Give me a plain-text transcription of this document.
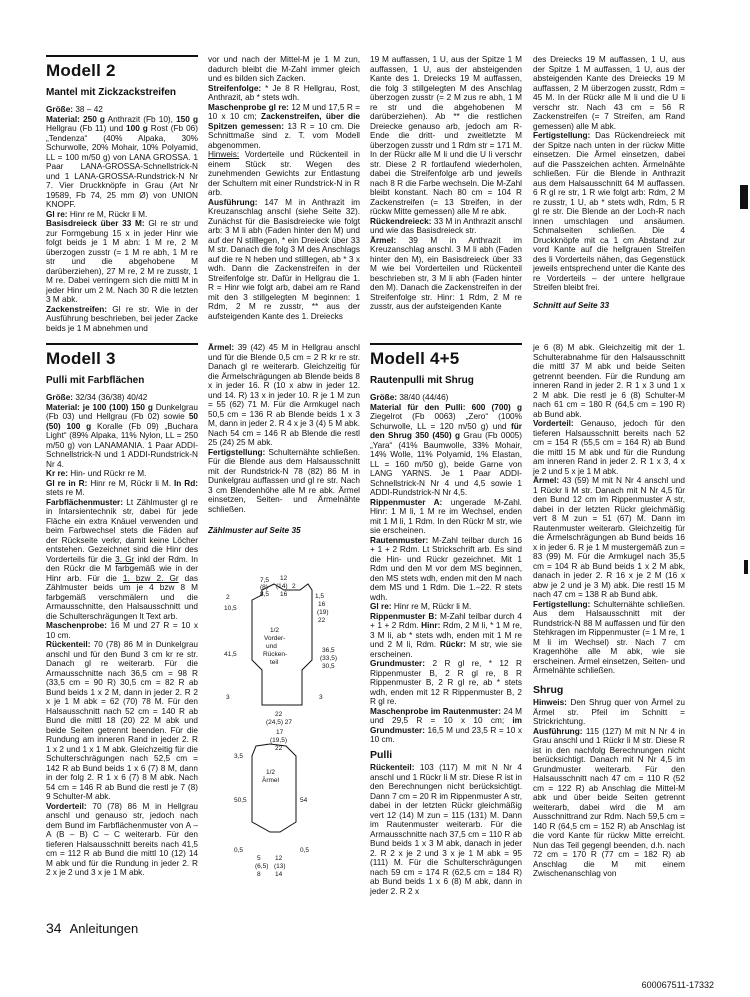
Modell 2
Mantel mit Zickzackstreifen

Größe: 38 – 42

Material: 250 g Anthrazit (Fb 10), 150 g Hellgrau (Fb 11) und 100 g Rost (Fb 06) „Tendenza“ (40% Alpaka, 30% Schurwolle, 20% Mohair, 10% Polyamid, LL = 100 m/50 g) von LANA GROSSA. 1 Paar LANA-GROSSA-Schnellstrick-N und 1 LANA-GROSSA-Rundstrick-N Nr 7. Vier Druckknöpfe in Grau (Art Nr 19589, Fb 74, 25 mm Ø) von UNION KNOPF.

Gl re: Hinr re M, Rückr li M.

Basisdreieck über 33 M: Gl re str und zur Formgebung 15 x in jeder Hinr wie folgt beids je 1 M abn: 1 M re, 2 M überzogen zusstr (= 1 M re abh, 1 M re str und die abgehobene M darüberziehen), 27 M re, 2 M re zusstr, 1 M re. Dabei verringern sich die mittl M in jeder Hinr um 2 M. Nach 30 R die letzten 3 M abk.

Zackenstreifen: Gl re str. Wie in der Ausführung beschrieben, bei jeder Zacke beids je 1 M abnehmen und

Modell 3
Pulli mit Farbflächen

Größe: 32/34 (36/38) 40/42

Material: je 100 (100) 150 g Dunkelgrau (Fb 03) und Hellgrau (Fb 02) sowie 50 (50) 100 g Koralle (Fb 09) „Buchara Light“ (89% Alpaka, 11% Nylon, LL = 250 m/50 g) von LANAMANIA. 1 Paar ADDI-Schnellstrick-N und 1 ADDI-Rundstrick-N Nr 4.

Kr re: Hin- und Rückr re M.

Gl re in R: Hinr re M, Rückr li M. In Rd: stets re M.

Farbflächenmuster: Lt Zählmuster gl re in Intarsientechnik str, dabei für jede Fläche ein extra Knäuel verwenden und beim Farbwechsel stets die Fäden auf der Rückseite verkr, damit keine Löcher entstehen. Gezeichnet sind die Hinr des Vorderteils für die 3. Gr inkl der Rdm. In den Rückr die M farbgemäß wie in der Hinr arb. Für die 1. bzw 2. Gr das Zählmuster beids um je 4 bzw 8 M farbgemäß verschmälern und die Armausschnitte, den Halsausschnitt und die Schulterschrägungen lt Text arb.

Maschenprobe: 16 M und 27 R = 10 x 10 cm.

Rückenteil: 70 (78) 86 M in Dunkelgrau anschl und für den Bund 3 cm kr re str. Danach gl re weiterarb. Für die Armausschnitte nach 36,5 cm = 98 R (33,5 cm = 90 R) 30,5 cm = 82 R ab Bund beids 1 x 2 M, dann in jeder 2. R 2 x je 1 M abk = 62 (70) 78 M. Für den Halsausschnitt nach 52 cm = 140 R ab Bund die mittl 18 (20) 22 M abk und beide Seiten getrennt beenden. Für die Rundung am inneren Rand in jeder 2. R 1 x 2 und 1 x 1 M abk. Gleichzeitig für die Schulterschrägungen nach 52,5 cm = 142 R ab Bund beids 1 x 6 (7) 8 M, dann in der folg 2. R 1 x 6 (7) 8 M abk. Nach 54 cm = 146 R ab Bund die restl je 7 (8) 9 Schulter-M abk.

Vorderteil: 70 (78) 86 M in Hellgrau anschl und genauso str, jedoch nach dem Bund im Farbflächenmuster von A – A (B – B) C – C weiterarb. Für den tieferen Halsausschnitt bereits nach 41,5 cm = 112 R ab Bund die mittl 10 (12) 14 M abk und für die Rundung in jeder 2. R 2 x je 2 und 3 x je 1 M abk.

vor und nach der Mittel-M je 1 M zun, dadurch bleibt die M-Zahl immer gleich und es bilden sich Zacken.

Streifenfolge: * Je 8 R Hellgrau, Rost, Anthrazit, ab * stets wdh.

Maschenprobe gl re: 12 M und 17,5 R = 10 x 10 cm; Zackenstreifen, über die Spitzen gemessen: 13 R = 10 cm. Die Schnittmaße sind z. T. vom Modell abgenommen.

Hinweis: Vorderteile und Rückenteil in einem Stück str. Wegen des zunehmenden Gewichts zur Entlastung der Schultern mit einer Rundstrick-N in R arb.

Ausführung: 147 M in Anthrazit im Kreuzanschlag anschl (siehe Seite 32). Zunächst für die Basisdreiecke wie folgt arb: 3 M li abh (Faden hinter den M) und auf der N stilllegen, * ein Dreieck über 33 M str. Danach die folg 3 M des Anschlags auf die re N heben und stilllegen, ab * 3 x wdh. Dann die Zackenstreifen in der Streifenfolge str. Dafür in Hellgrau die 1. R = Hinr wie folgt arb, dabei am re Rand mit den 3 stillgelegten M beginnen: 1 Rdm, 2 M re zusstr, ** aus der aufsteigenden Kante des 1. Dreiecks

Ärmel: 39 (42) 45 M in Hellgrau anschl und für die Blende 0,5 cm = 2 R kr re str. Danach gl re weiterarb. Gleichzeitig für die Ärmelschrägungen ab Blende beids 8 x in jeder 16. R (10 x abw in jeder 12. und 14. R) 13 x in jeder 10. R je 1 M zun = 55 (62) 71 M. Für die Armkugel nach 50,5 cm = 136 R ab Blende beids 1 x 3 M, dann in jeder 2. R 4 x je 3 (4) 5 M abk. Nach 54 cm = 146 R ab Blende die restl 25 (24) 25 M abk.

Fertigstellung: Schulternähte schließen. Für die Blende aus dem Halsausschnitt mit der Rundstrick-N 78 (82) 86 M in Dunkelgrau auffassen und gl re str. Nach 3 cm Blendenhöhe alle M re abk. Ärmel einsetzen, Seiten- und Ärmelnähte schließen.

Zählmuster auf Seite 35
1/2
Vorder-
und
Rücken-
teil
7,5 12
(8) (14) 2
8,5 16
2
10,5
1,5
16
(19)
22
41,5
36,5
(33,5)
30,5
3	3
22
(24,5) 27
17
(19,5)
22
3,5
1/2
Ärmel
50,5	54
0,5	0,5
5 12
(6,5) (13)
8 14

19 M auffassen, 1 U, aus der Spitze 1 M auffassen, 1 U, aus der absteigenden Kante des 1. Dreiecks 19 M auffassen, die folg 3 stillgelegten M des Anschlag überzogen zusstr (= 2 M zus re abh, 1 M re str und die abgehobenen M darüberziehen). Ab ** die restlichen Dreiecke genauso arb, jedoch am R-Ende die dritt- und zweitletzte M überzogen zusstr und 1 Rdm str = 171 M. In der Rückr alle M li und die U li verschr str. Diese 2 R fortlaufend wiederholen, dabei die Streifenfolge arb und jeweils nach 8 R die Farbe wechseln. Die M-Zahl bleibt konstant. Nach 80 cm = 104 R Zackenstreifen (= 13 Streifen, in der rückw Mitte gemessen) alle M re abk.

Rückendreieck: 33 M in Anthrazit anschl und wie das Basisdreieck str.

Ärmel: 39 M in Anthrazit im Kreuzanschlag anschl. 3 M li abh (Faden hinter den M), ein Basisdreieck über 33 M wie bei Vorderteilen und Rückenteil beschrieben str, 3 M li abh (Faden hinter den M). Danach die Zackenstreifen in der Streifenfolge str. Hinr: 1 Rdm, 2 M re zusstr, aus der aufsteigenden Kante

Modell 4+5
Rautenpulli mit Shrug

Größe: 38/40 (44/46)

Material für den Pulli: 600 (700) g Ziegelrot (Fb 0063) „Zero“ (100% Schurwolle, LL = 120 m/50 g) und für den Shrug 350 (450) g Grau (Fb 0005) „Yara“ (41% Baumwolle, 33% Mohair, 14% Wolle, 11% Polyamid, 1% Elastan, LL = 160 m/50 g), beide Garne von LANG YARNS. Je 1 Paar ADDI-Schnellstrick-N Nr 4 und 4,5 sowie 1 ADDI-Rundstrick-N Nr 4,5.

Rippenmuster A: ungerade M-Zahl. Hinr: 1 M li, 1 M re im Wechsel, enden mit 1 M li, 1 Rdm. In den Rückr M str, wie sie erscheinen.

Rautenmuster: M-Zahl teilbar durch 16 + 1 + 2 Rdm. Lt Strickschrift arb. Es sind die Hin- und Rückr gezeichnet. Mit 1 Rdm und den M vor dem MS beginnen, den MS stets wdh, enden mit den M nach dem MS und 1 Rdm. Die 1.–22. R stets wdh.

Gl re: Hinr re M, Rückr li M.

Rippenmuster B: M-Zahl teilbar durch 4 + 1 + 2 Rdm. Hinr: Rdm, 2 M li, * 1 M re, 3 M li, ab * stets wdh, enden mit 1 M re und 2 M li, Rdm. Rückr: M str, wie sie erscheinen.

Grundmuster: 2 R gl re, * 12 R Rippenmuster B, 2 R gl re, 8 R Rippenmuster B, 2 R gl re, ab * stets wdh, enden mit 12 R Rippenmuster B, 2 R gl re.

Maschenprobe im Rautenmuster: 24 M und 29,5 R = 10 x 10 cm; im Grundmuster: 16,5 M und 23,5 R = 10 x 10 cm.

Pulli

Rückenteil: 103 (117) M mit N Nr 4 anschl und 1 Rückr li M str. Diese R ist in den Berechnungen nicht berücksichtigt. Dann 7 cm = 20 R im Rippenmuster A str, dabei in der letzten Rückr gleichmäßig vert 12 (14) M zun = 115 (131) M. Dann im Rautenmuster weiterarb. Für die Armausschnitte nach 37,5 cm = 110 R ab Bund beids 1 x 3 M abk, danach in jeder 2. R 2 x je 2 und 3 x je 1 M abk = 95 (111) M. Für die Schulterschrägungen nach 59 cm = 174 R (62,5 cm = 184 R) ab Bund beids 1 x 6 (8) M abk, dann in jeder 2. R 2 x

des Dreiecks 19 M auffassen, 1 U, aus der Spitze 1 M auffassen, 1 U, aus der absteigenden Kante des Dreiecks 19 M auffassen, 2 M überzogen zusstr, Rdm = 45 M. In der Rückr alle M li und die U li verschr str. Nach 43 cm = 56 R Zackenstreifen (= 7 Streifen, am Rand gemessen) alle M abk.

Fertigstellung: Das Rückendreieck mit der Spitze nach unten in der rückw Mitte einsetzen. Die Ärmel einsetzen, dabei auf die Passzeichen achten. Ärmelnähte schließen. Für die Blende in Anthrazit aus dem Halsausschnitt 64 M auffassen. 6 R gl re str, 1 R wie folgt arb: Rdm, 2 M re zusstr, 1 U, ab * stets wdh, Rdm, 5 R gl re str. Die Blende an der Loch-R nach innen umschlagen und ansäumen. Schmalseiten schließen. Die 4 Druckknöpfe mit ca 1 cm Abstand zur vord Kante auf die hellgrauen Streifen des li Vorderteils nähen, das Gegenstück jeweils entsprechend unter die Kante des re Vorderteils – der untere hellgraue Streifen bleibt frei.

Schnitt auf Seite 33

je 6 (8) M abk. Gleichzeitig mit der 1. Schulterabnahme für den Halsausschnitt die mittl 37 M abk und beide Seiten getrennt beenden. Für die Rundung am inneren Rand in jeder 2. R 1 x 3 und 1 x 2 M abk. Die restl je 6 (8) Schulter-M nach 61 cm = 180 R (64,5 cm = 190 R) ab Bund abk.

Vorderteil: Genauso, jedoch für den tieferen Halsausschnitt bereits nach 52 cm = 154 R (55,5 cm = 164 R) ab Bund die mittl 15 M abk und für die Rundung am inneren Rand in jeder 2. R 1 x 3, 4 x je 2 und 5 x je 1 M abk.

Ärmel: 43 (59) M mit N Nr 4 anschl und 1 Rückr li M str. Danach mit N Nr 4,5 für den Bund 12 cm im Rippenmuster A str, dabei in der letzten Rückr gleichmäßig vert 8 M zun = 51 (67) M. Dann im Rautenmuster weiterarb. Gleichzeitig für die Ärmelschrägungen ab Bund beids 16 x in jeder 6. R je 1 M mustergemäß zun = 83 (99) M. Für die Armkugel nach 35,5 cm = 104 R ab Bund beids 1 x 2 M abk, danach in jeder 2. R 16 x je 2 M (16 x abw je 2 und je 3 M) abk. Die restl 15 M nach 47 cm = 138 R ab Bund abk.

Fertigstellung: Schulternähte schließen. Aus dem Halsausschnitt mit der Rundstrick-N 88 M auffassen und für den Stehkragen im Rippenmuster (= 1 M re, 1 M li im Wechsel) str. Nach 7 cm Kragenhöhe alle M abk, wie sie erscheinen. Ärmel einsetzen, Seiten- und Ärmelnähte schließen.

Shrug

Hinweis: Den Shrug quer von Ärmel zu Ärmel str. Pfeil im Schnitt = Strickrichtung.

Ausführung: 115 (127) M mit N Nr 4 in Grau anschl und 1 Rückr li M str. Diese R ist in den nachfolg Berechnungen nicht berücksichtigt. Danach mit N Nr 4,5 im Grundmuster weiterarb. Für den Halsausschnitt nach 47 cm = 110 R (52 cm = 122 R) ab Anschlag die Mittel-M abk und über beide Seiten getrennt weiterarb, dabei wird die M am Ausschnittrand zur Rdm. Nach 59,5 cm = 140 R (64,5 cm = 152 R) ab Anschlag ist die vord Kante für rückw Mitte erreicht. Nun das Teil gegengl beenden, d.h. nach 72 cm = 170 R (77 cm = 182 R) ab Anschlag die M mit einem Zwischenanschlag von

34 Anleitungen
600067511-17332
